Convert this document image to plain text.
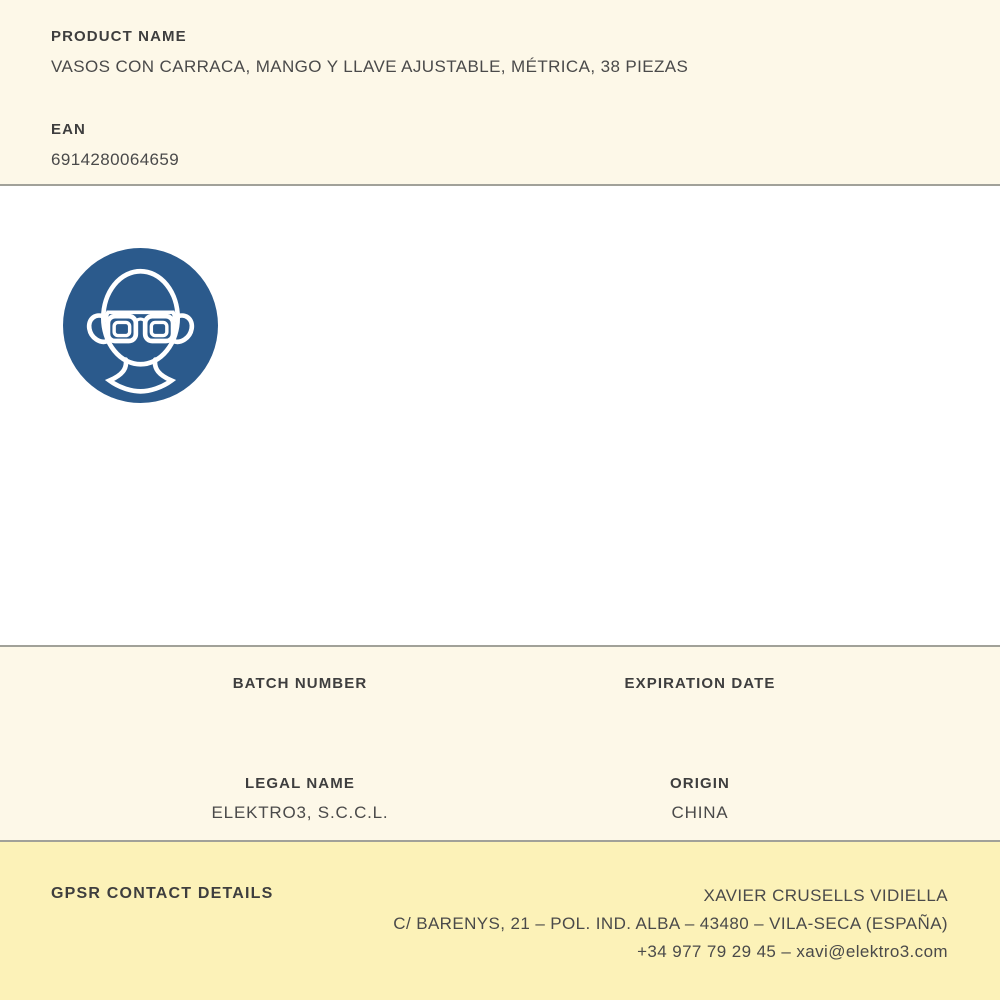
PRODUCT NAME
VASOS CON CARRACA, MANGO Y LLAVE AJUSTABLE, MÉTRICA, 38 PIEZAS
EAN
6914280064659
BATCH NUMBER	EXPIRATION DATE
LEGAL NAME
ELEKTRO3, S.C.C.L.
ORIGIN
CHINA
GPSR CONTACT DETAILS	XAVIER CRUSELLS VIDIELLA
C/ BARENYS, 21 – POL. IND. ALBA – 43480 – VILA-SECA (ESPAÑA)
+34 977 79 29 45 – xavi@elektro3.com
